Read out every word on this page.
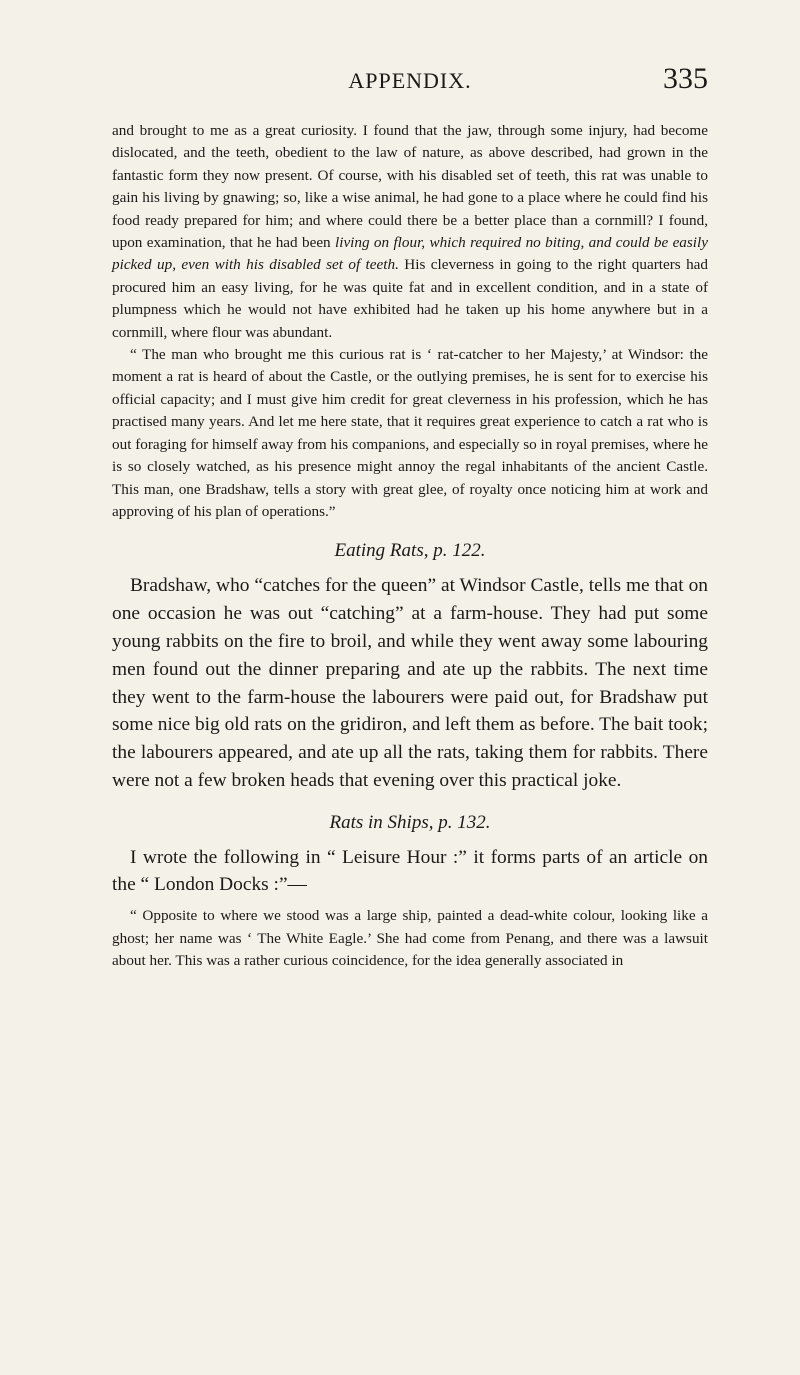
APPENDIX.	335

and brought to me as a great curiosity. I found that the jaw, through some injury, had become dislocated, and the teeth, obedient to the law of nature, as above described, had grown in the fantastic form they now present. Of course, with his disabled set of teeth, this rat was unable to gain his living by gnawing; so, like a wise animal, he had gone to a place where he could find his food ready prepared for him; and where could there be a better place than a cornmill? I found, upon examination, that he had been living on flour, which required no biting, and could be easily picked up, even with his disabled set of teeth. His cleverness in going to the right quarters had procured him an easy living, for he was quite fat and in excellent condition, and in a state of plumpness which he would not have exhibited had he taken up his home anywhere but in a cornmill, where flour was abundant.

“ The man who brought me this curious rat is ‘ rat-catcher to her Majesty,’ at Windsor: the moment a rat is heard of about the Castle, or the outlying premises, he is sent for to exercise his official capacity; and I must give him credit for great cleverness in his profession, which he has practised many years. And let me here state, that it requires great experience to catch a rat who is out foraging for himself away from his companions, and especially so in royal premises, where he is so closely watched, as his presence might annoy the regal inhabitants of the ancient Castle. This man, one Bradshaw, tells a story with great glee, of royalty once noticing him at work and approving of his plan of operations.”

Eating Rats, p. 122.

Bradshaw, who “catches for the queen” at Windsor Castle, tells me that on one occasion he was out “catching” at a farm-house. They had put some young rabbits on the fire to broil, and while they went away some labouring men found out the dinner preparing and ate up the rabbits. The next time they went to the farm-house the labourers were paid out, for Bradshaw put some nice big old rats on the gridiron, and left them as before. The bait took; the labourers appeared, and ate up all the rats, taking them for rabbits. There were not a few broken heads that evening over this practical joke.

Rats in Ships, p. 132.

I wrote the following in “ Leisure Hour :” it forms parts of an article on the “ London Docks :”—

“ Opposite to where we stood was a large ship, painted a dead-white colour, looking like a ghost; her name was ‘ The White Eagle.’ She had come from Penang, and there was a lawsuit about her. This was a rather curious coincidence, for the idea generally associated in
